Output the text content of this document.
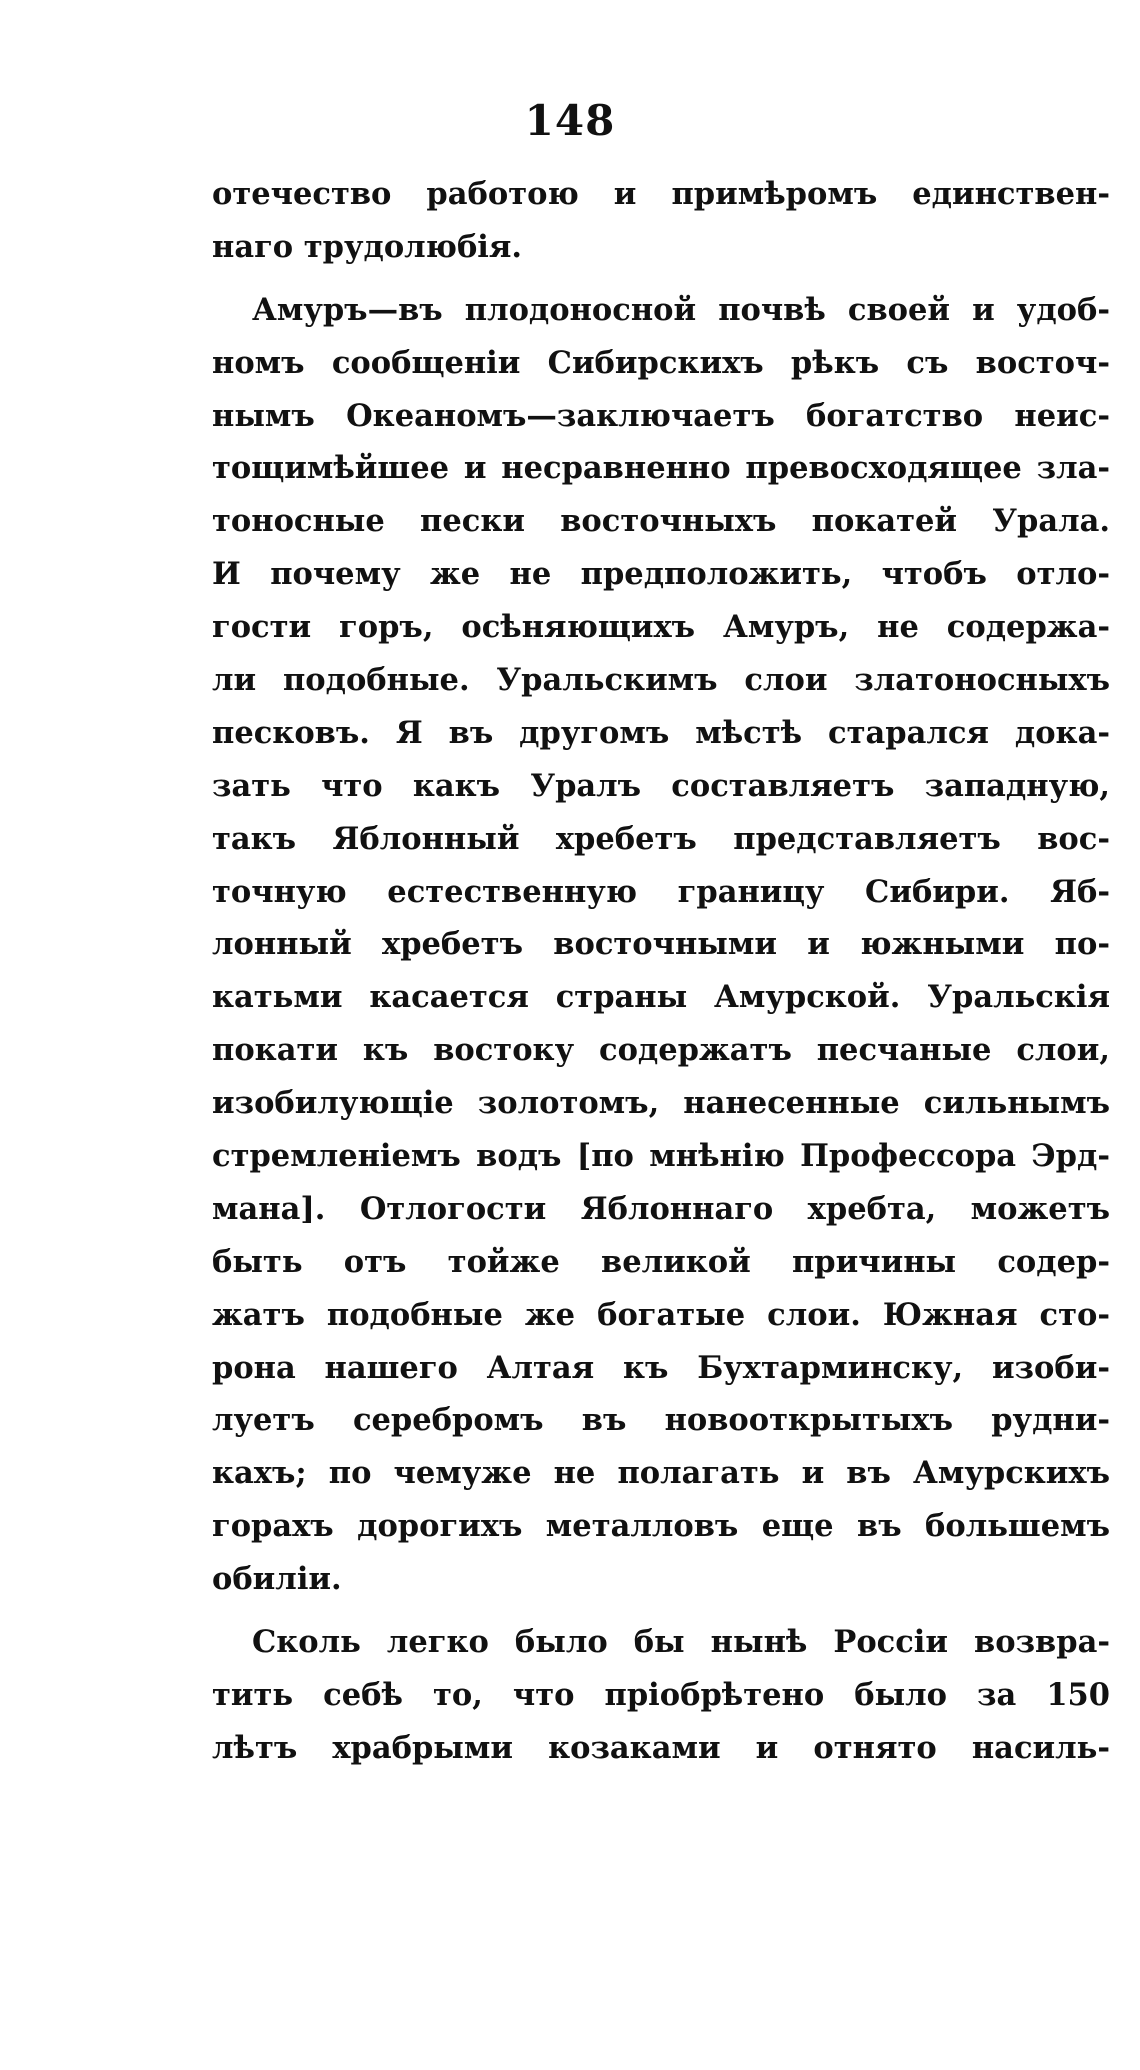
148
отечество работою и примѣромъ единствен-
наго трудолюбія.
Амуръ—въ плодоносной почвѣ своей и удоб-
номъ сообщеніи Сибирскихъ рѣкъ съ восточ-
нымъ Океаномъ—заключаетъ богатство неис-
тощимѣйшее и несравненно превосходящее зла-
тоносные пески восточныхъ покатей Урала.
И почему же не предположить, чтобъ отло-
гости горъ, осѣняющихъ Амуръ, не содержа-
ли подобные. Уральскимъ слои златоносныхъ
песковъ. Я въ другомъ мѣстѣ старался дока-
зать что какъ Уралъ составляетъ западную,
такъ Яблонный хребетъ представляетъ вос-
точную естественную границу Сибири. Яб-
лонный хребетъ восточными и южными по-
катьми касается страны Амурской. Уральскія
покати къ востоку содержатъ песчаные слои,
изобилующіе золотомъ, нанесенные сильнымъ
стремленіемъ водъ [по мнѣнію Профессора Эрд-
мана]. Отлогости Яблоннаго хребта, можетъ
быть отъ тойже великой причины содер-
жатъ подобные же богатые слои. Южная сто-
рона нашего Алтая къ Бухтарминску, изоби-
луетъ серебромъ въ новооткрытыхъ рудни-
кахъ; по чемуже не полагать и въ Амурскихъ
горахъ дорогихъ металловъ еще въ большемъ
обиліи.
Сколь легко было бы нынѣ Россіи возвра-
тить себѣ то, что пріобрѣтено было за 150
лѣтъ храбрыми козаками и отнято насиль-
